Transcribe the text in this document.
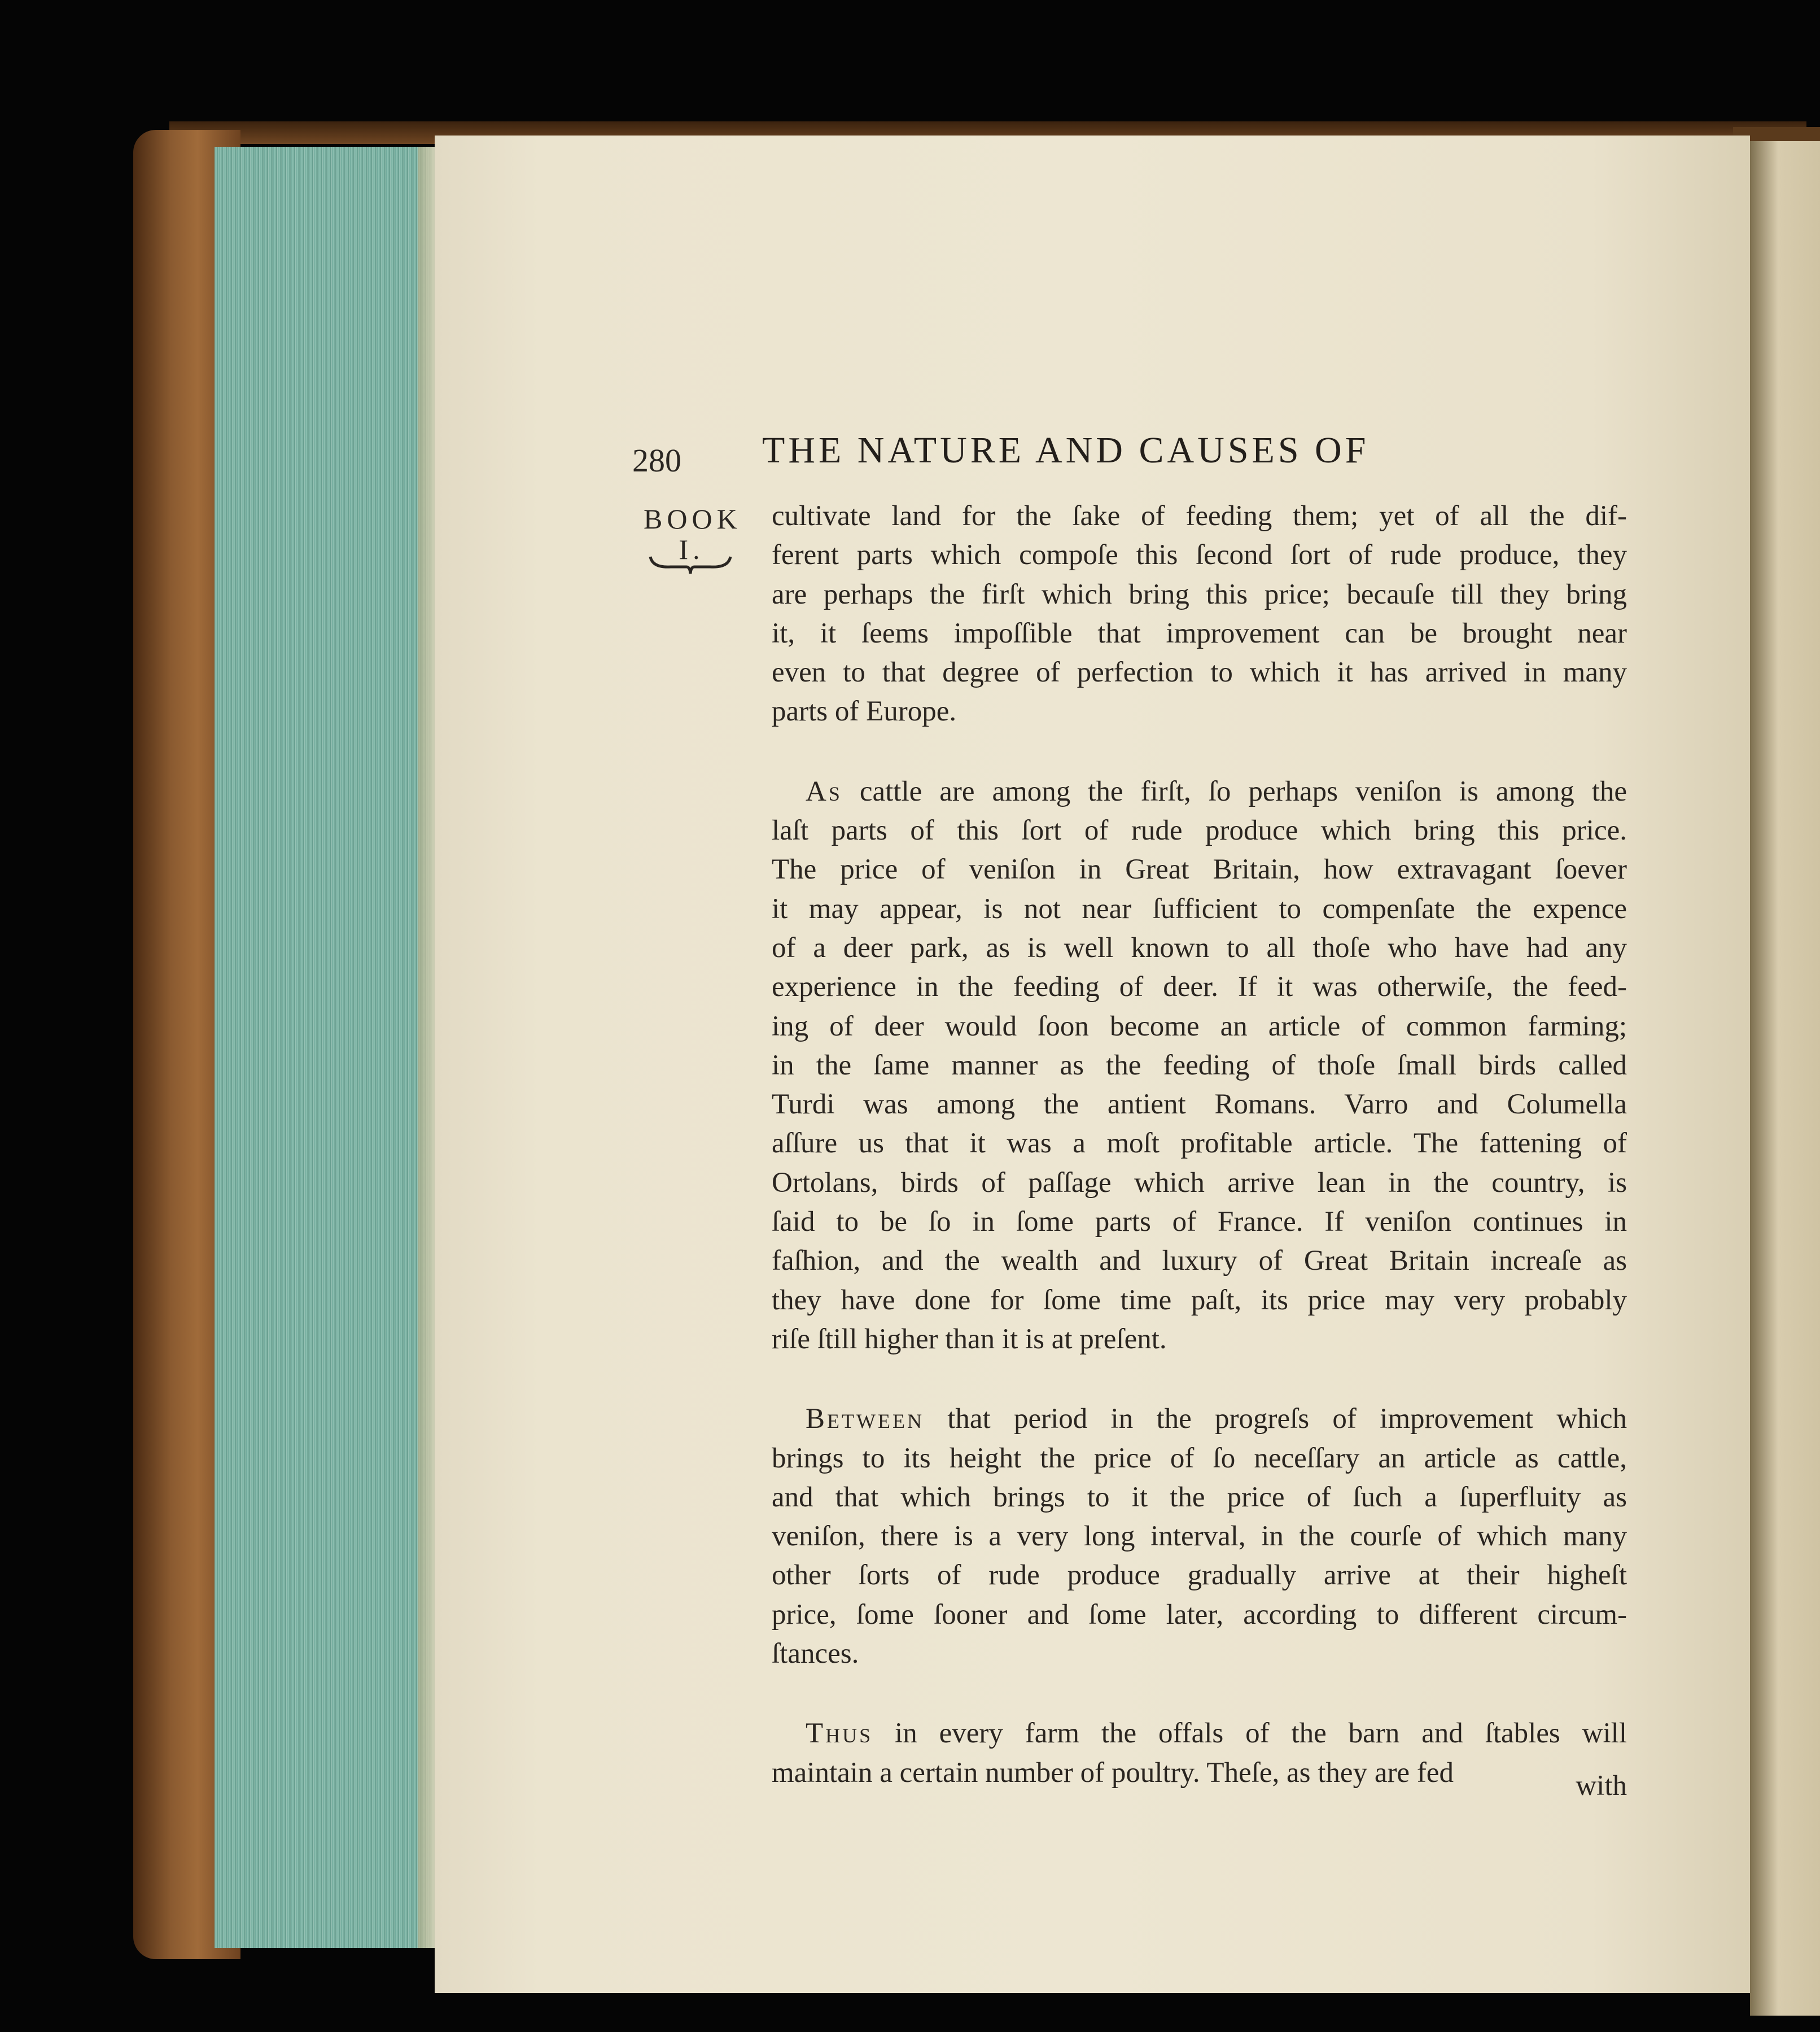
280 THE NATURE AND CAUSES OF
BOOK
I.

cultivate land for the ſake of feeding them; yet of all the dif-

ferent parts which compoſe this ſecond ſort of rude produce, they

are perhaps the firſt which bring this price; becauſe till they bring

it, it ſeems impoſſible that improvement can be brought near

even to that degree of perfection to which it has arrived in many

parts of Europe.

As cattle are among the firſt, ſo perhaps veniſon is among the

laſt parts of this ſort of rude produce which bring this price.

The price of veniſon in Great Britain, how extravagant ſoever

it may appear, is not near ſufficient to compenſate the expence

of a deer park, as is well known to all thoſe who have had any

experience in the feeding of deer. If it was otherwiſe, the feed-

ing of deer would ſoon become an article of common farming;

in the ſame manner as the feeding of thoſe ſmall birds called

Turdi was among the antient Romans. Varro and Columella

aſſure us that it was a moſt profitable article. The fattening of

Ortolans, birds of paſſage which arrive lean in the country, is

ſaid to be ſo in ſome parts of France. If veniſon continues in

faſhion, and the wealth and luxury of Great Britain increaſe as

they have done for ſome time paſt, its price may very probably

riſe ſtill higher than it is at preſent.

Between that period in the progreſs of improvement which

brings to its height the price of ſo neceſſary an article as cattle,

and that which brings to it the price of ſuch a ſuperfluity as

veniſon, there is a very long interval, in the courſe of which many

other ſorts of rude produce gradually arrive at their higheſt

price, ſome ſooner and ſome later, according to different circum-

ſtances.

Thus in every farm the offals of the barn and ſtables will

maintain a certain number of poultry. Theſe, as they are fed	with
